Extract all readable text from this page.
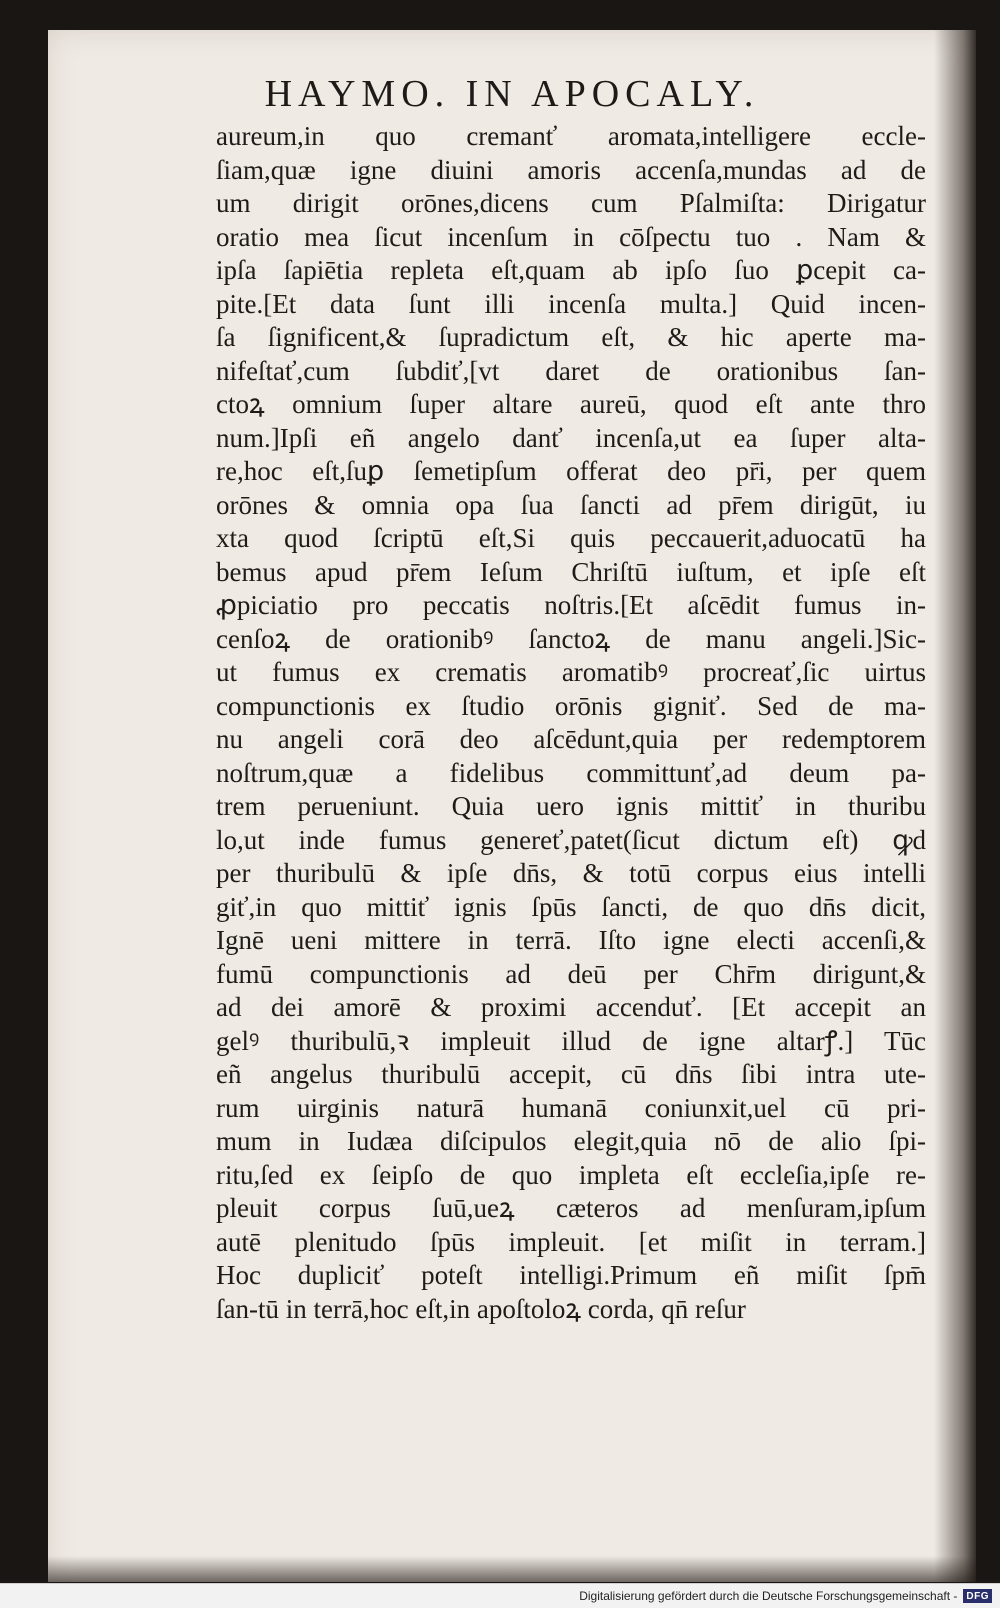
HAYMO. IN APOCALY.
aureum,in quo cremanť aromata,intelligere eccle-
ſiam,quæ igne diuini amoris accenſa,mundas ad de
um dirigit orōnes,dicens cum Pſalmiſta: Dirigatur
oratio mea ſicut incenſum in cōſpectu tuo . Nam &
ipſa ſapiētia repleta eſt,quam ab ipſo ſuo ꝑcepit ca-
pite.[Et data ſunt illi incenſa multa.] Quid incen-
ſa ſignificent,& ſupradictum eſt, & hic aperte ma-
nifeſtať,cum ſubdiť,[vt daret de orationibus ſan-
ctoꝝ omnium ſuper altare aureū, quod eſt ante thro
num.]Ipſi eñ angelo danť incenſa,ut ea ſuper alta-
re,hoc eſt,ſuꝑ ſemetipſum offerat deo pr̄i, per quem
orōnes & omnia opa ſua ſancti ad pr̄em dirigūt, iu
xta quod ſcriptū eſt,Si quis peccauerit,aduocatū ha
bemus apud pr̄em Ieſum Chriſtū iuſtum, et ipſe eſt
ꝓpiciatio pro peccatis noſtris.[Et aſcēdit fumus in-
cenſoꝝ de orationibꝰ ſanctoꝝ de manu angeli.]Sic-
ut fumus ex crematis aromatibꝰ procreať,ſic uirtus
compunctionis ex ſtudio orōnis gigniť. Sed de ma-
nu angeli corā deo aſcēdunt,quia per redemptorem
noſtrum,quæ a fidelibus committunť,ad deum pa-
trem perueniunt. Quia uero ignis mittiť in thuribu
lo,ut inde fumus genereť,patet(ſicut dictum eſt) ꝙd
per thuribulū & ipſe dn̄s, & totū corpus eius intelli
giť,in quo mittiť ignis ſpūs ſancti, de quo dn̄s dicit,
Ignē ueni mittere in terrā. Iſto igne electi accenſi,&
fumū compunctionis ad deū per Chr̄m dirigunt,&
ad dei amorē & proximi accenduť. [Et accepit an
gelꝰ thuribulū,ꝛ impleuit illud de igne altarꝭ.] Tūc
eñ angelus thuribulū accepit, cū dn̄s ſibi intra ute-
rum uirginis naturā humanā coniunxit,uel cū pri-
mum in Iudæa diſcipulos elegit,quia nō de alio ſpi-
ritu,ſed ex ſeipſo de quo impleta eſt eccleſia,ipſe re-
pleuit corpus ſuū,ueꝝ cæteros ad menſuram,ipſum
autē plenitudo ſpūs impleuit. [et miſit in terram.]
Hoc dupliciť poteſt intelligi.Primum eñ miſit ſpm̄
ſan-tū in terrā,hoc eſt,in apoſtoloꝝ corda, qn̄ reſur
Digitalisierung gefördert durch die Deutsche Forschungsgemeinschaft - DFG
